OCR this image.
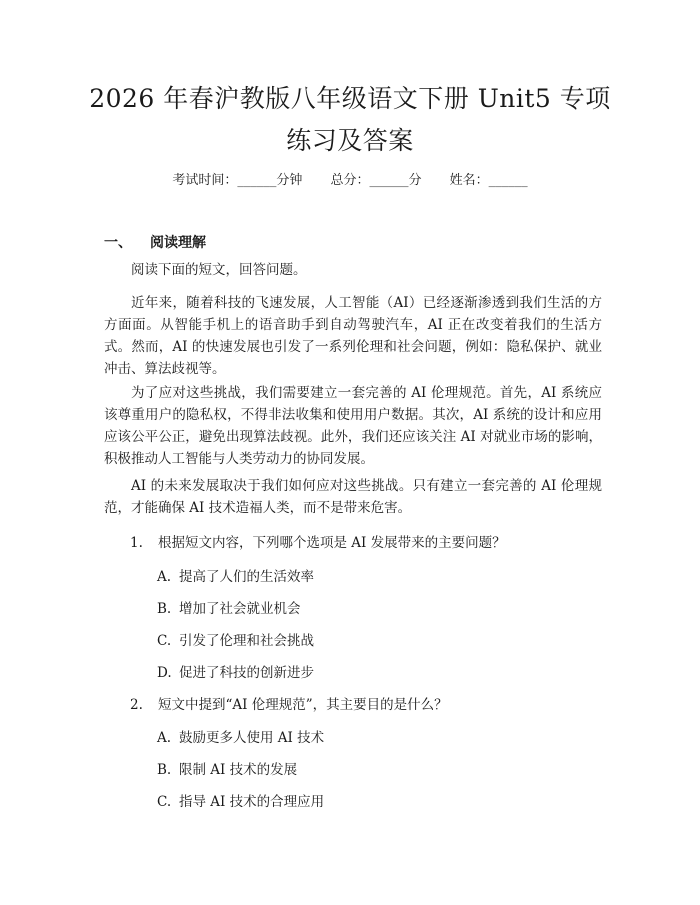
2026 年春沪教版八年级语文下册 Unit5 专项
练习及答案
考试时间：______分钟 总分：______分 姓名：______
一、 阅读理解

阅读下面的短文，回答问题。

近年来，随着科技的飞速发展，人工智能（AI）已经逐渐渗透到我们生活的方方面面。从智能手机上的语音助手到自动驾驶汽车，AI 正在改变着我们的生活方式。然而，AI 的快速发展也引发了一系列伦理和社会问题，例如：隐私保护、就业冲击、算法歧视等。

为了应对这些挑战，我们需要建立一套完善的 AI 伦理规范。首先，AI 系统应该尊重用户的隐私权，不得非法收集和使用用户数据。其次，AI 系统的设计和应用应该公平公正，避免出现算法歧视。此外，我们还应该关注 AI 对就业市场的影响，积极推动人工智能与人类劳动力的协同发展。

AI 的未来发展取决于我们如何应对这些挑战。只有建立一套完善的 AI 伦理规范，才能确保 AI 技术造福人类，而不是带来危害。

1. 根据短文内容，下列哪个选项是 AI 发展带来的主要问题？
A. 提高了人们的生活效率
B. 增加了社会就业机会
C. 引发了伦理和社会挑战
D. 促进了科技的创新进步
2. 短文中提到“AI 伦理规范”，其主要目的是什么？
A. 鼓励更多人使用 AI 技术
B. 限制 AI 技术的发展
C. 指导 AI 技术的合理应用
